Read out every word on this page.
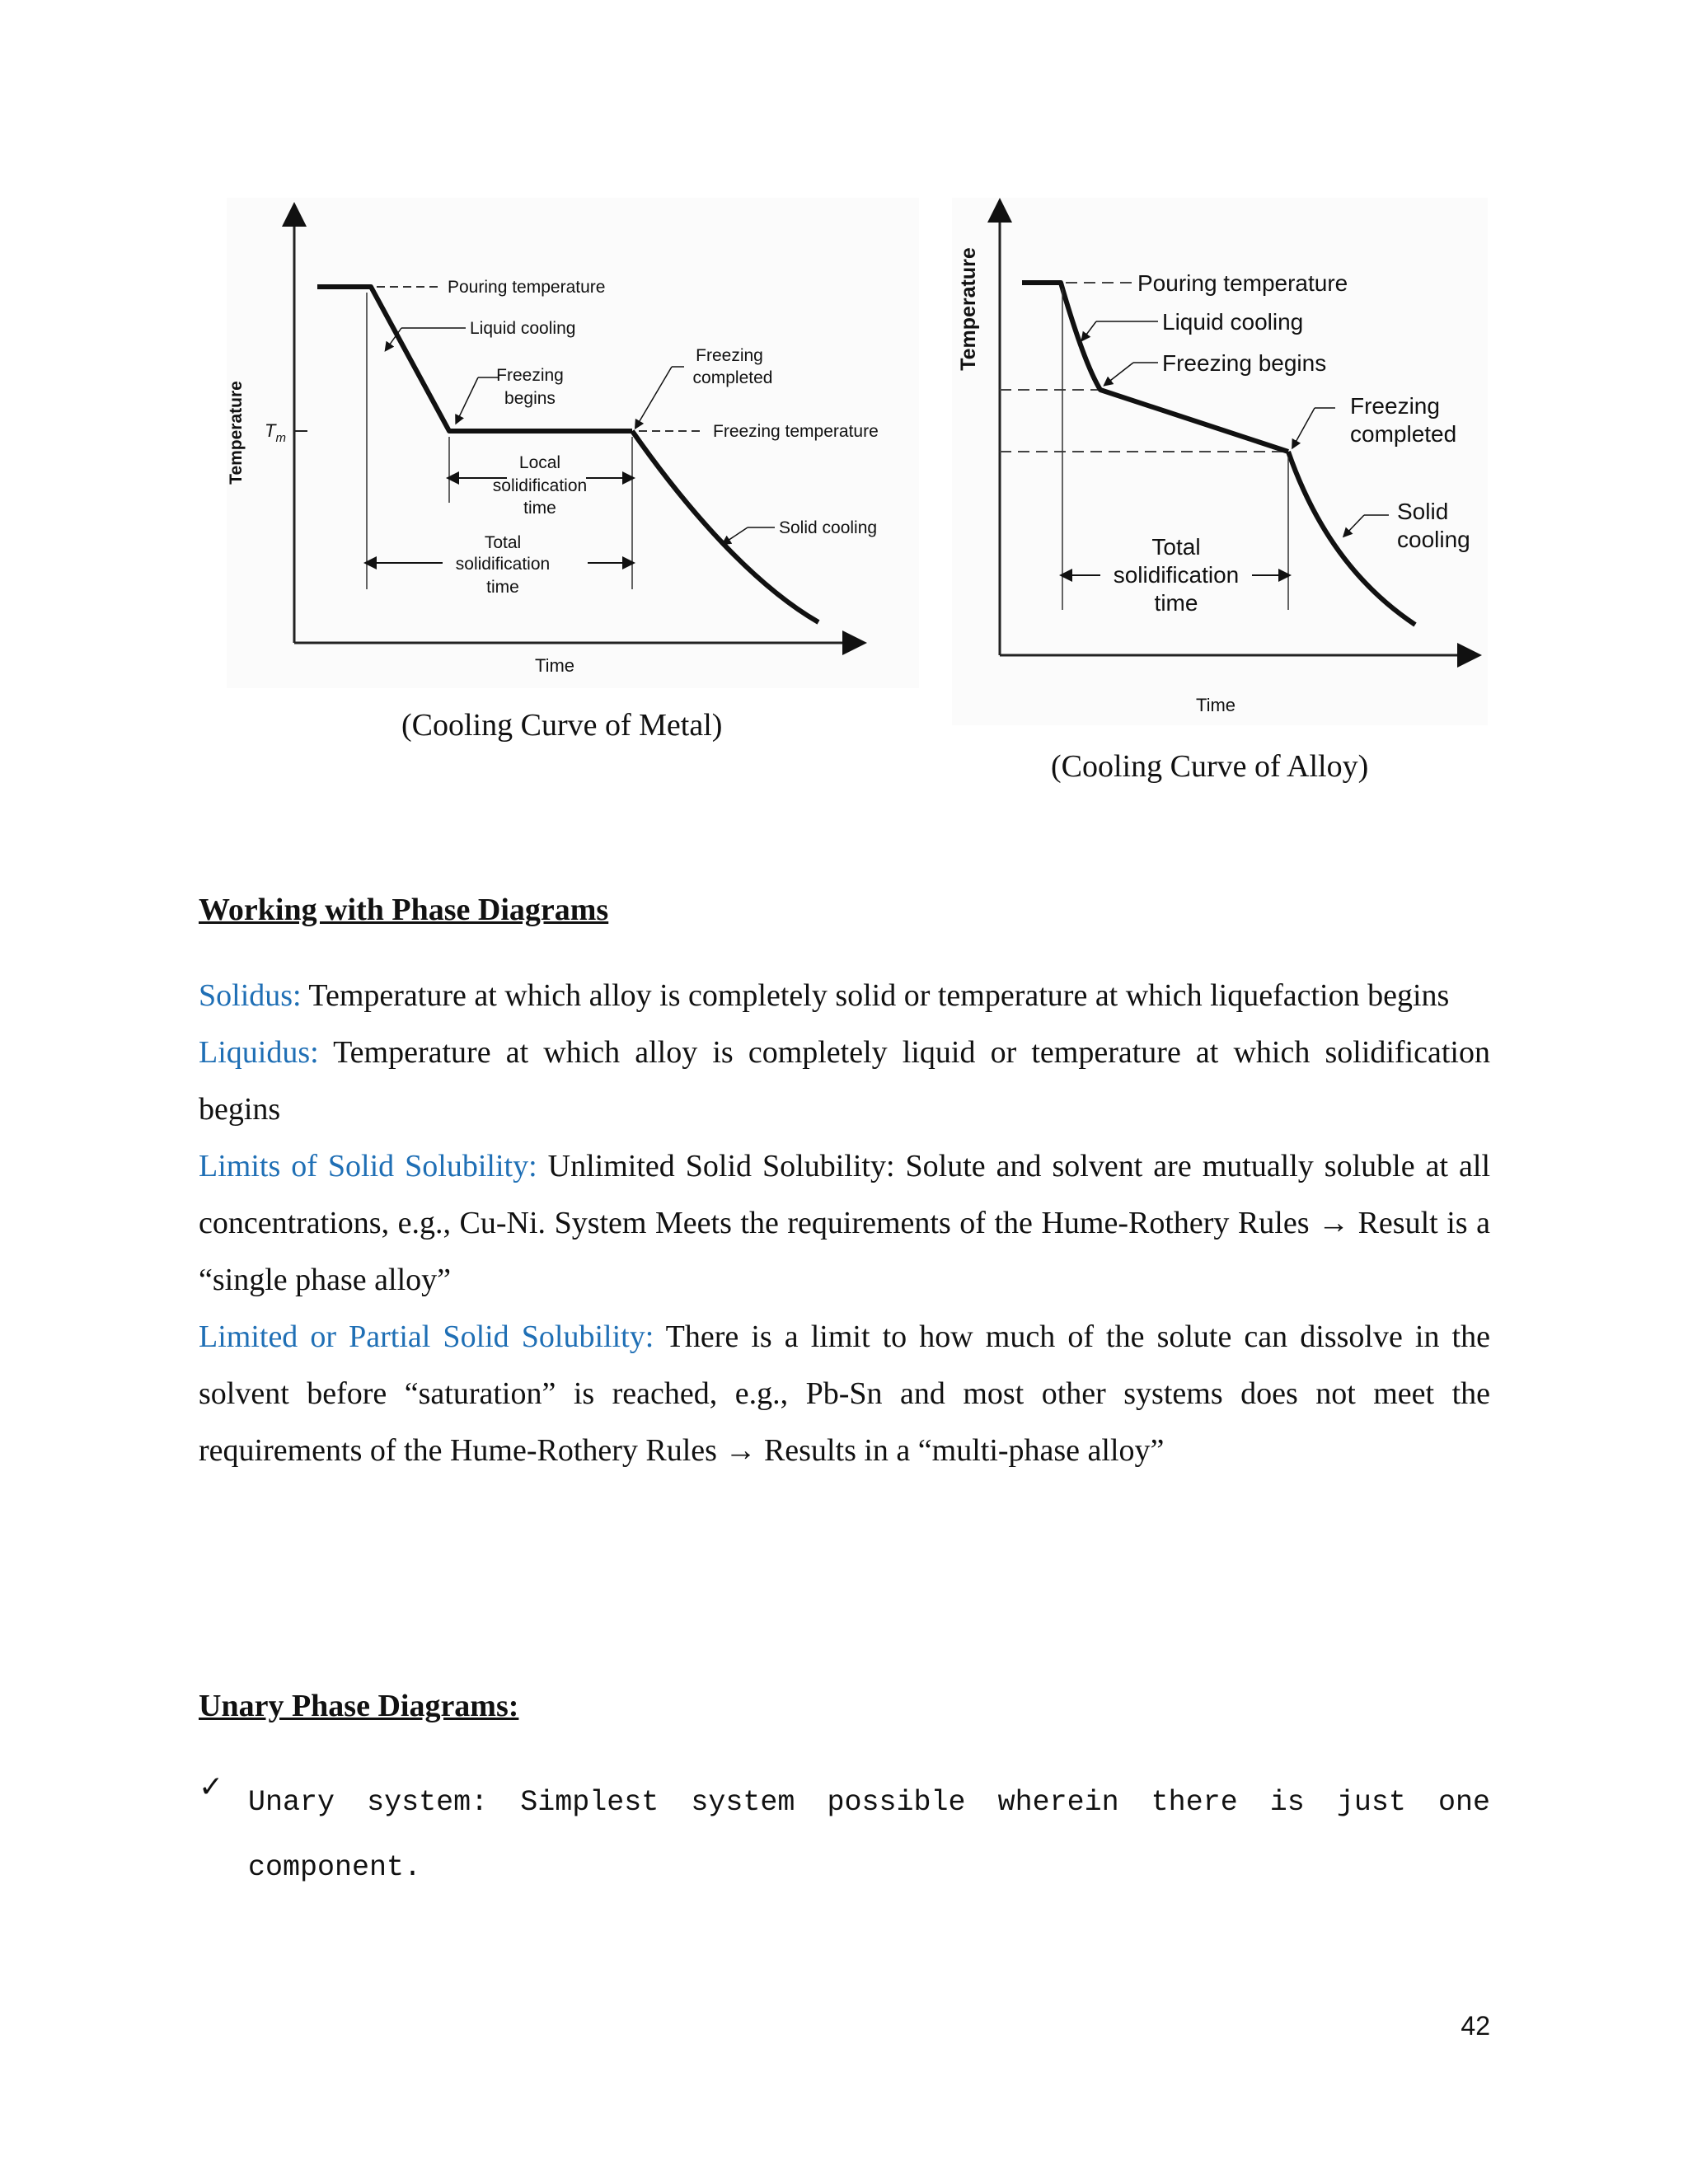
Temperature
Time
$T_m$
Pouring temperature
Liquid cooling
Freezing
begins
Freezing
completed
Freezing temperature
Local
solidification
time
Total
solidification
time
Solid cooling
Temperature
Time
Pouring temperature
Liquid cooling
Freezing begins
Freezing
completed
Solid
cooling
Total
solidification
time
(Cooling Curve of Metal)
(Cooling Curve of Alloy)
Working with Phase Diagrams

Solidus: Temperature at which alloy is completely solid or temperature at which liquefaction begins

Liquidus: Temperature at which alloy is completely liquid or temperature at which solidification begins

Limits of Solid Solubility: Unlimited Solid Solubility: Solute and solvent are mutually soluble at all concentrations, e.g., Cu-Ni. System Meets the requirements of the Hume-Rothery Rules → Result is a “single phase alloy”

Limited or Partial Solid Solubility: There is a limit to how much of the solute can dissolve in the solvent before “saturation” is reached, e.g., Pb-Sn and most other systems does not meet the requirements of the Hume-Rothery Rules → Results in a “multi-phase alloy”

Unary Phase Diagrams:
✓ Unary system: Simplest system possible wherein there is just one component.
42
